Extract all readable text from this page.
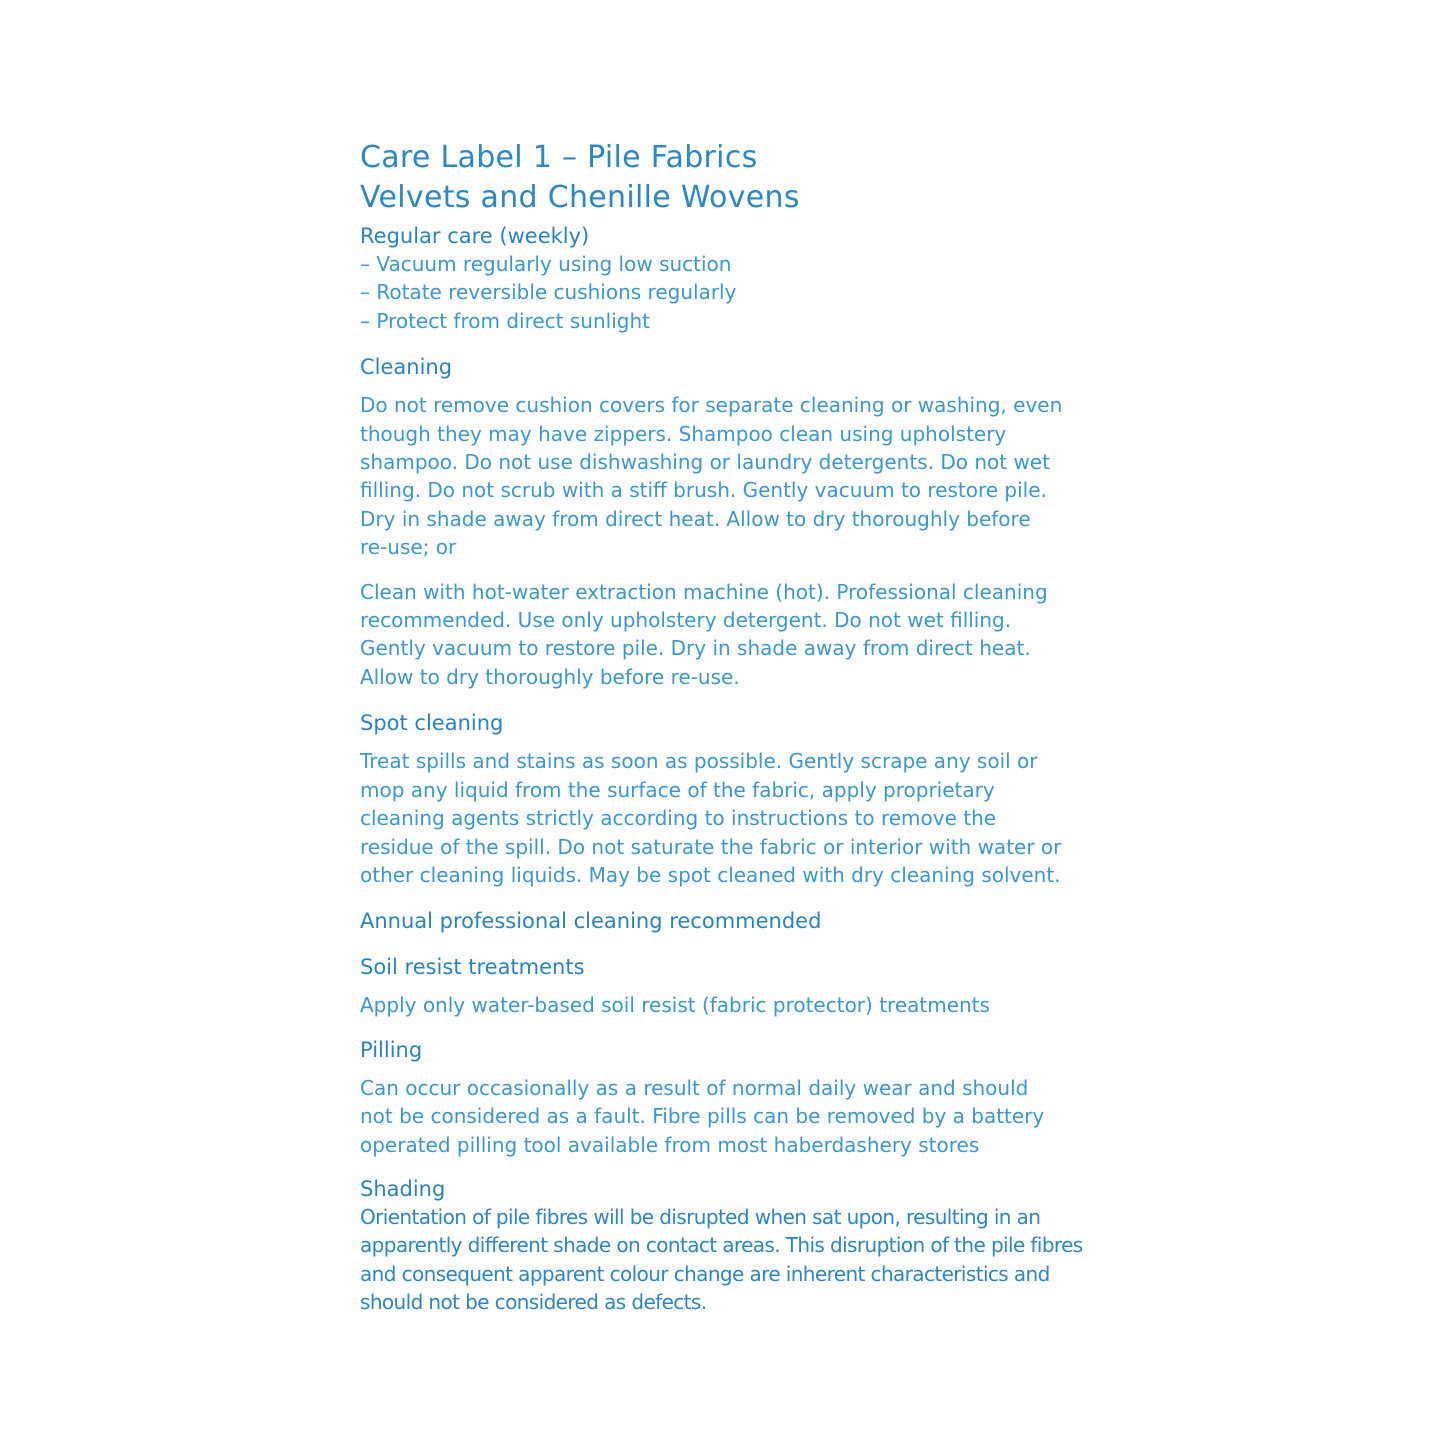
Care Label 1 – Pile Fabrics
Velvets and Chenille Wovens
Regular care (weekly)

– Vacuum regularly using low suction

– Rotate reversible cushions regularly

– Protect from direct sunlight

Cleaning

Do not remove cushion covers for separate cleaning or washing, even
though they may have zippers. Shampoo clean using upholstery
shampoo. Do not use dishwashing or laundry detergents. Do not wet
filling. Do not scrub with a stiff brush. Gently vacuum to restore pile.
Dry in shade away from direct heat. Allow to dry thoroughly before
re-use; or

Clean with hot-water extraction machine (hot). Professional cleaning
recommended. Use only upholstery detergent. Do not wet filling.
Gently vacuum to restore pile. Dry in shade away from direct heat.
Allow to dry thoroughly before re-use.

Spot cleaning

Treat spills and stains as soon as possible. Gently scrape any soil or
mop any liquid from the surface of the fabric, apply proprietary
cleaning agents strictly according to instructions to remove the
residue of the spill. Do not saturate the fabric or interior with water or
other cleaning liquids. May be spot cleaned with dry cleaning solvent.

Annual professional cleaning recommended
Soil resist treatments

Apply only water-based soil resist (fabric protector) treatments

Pilling

Can occur occasionally as a result of normal daily wear and should
not be considered as a fault. Fibre pills can be removed by a battery
operated pilling tool available from most haberdashery stores

Shading

Orientation of pile fibres will be disrupted when sat upon, resulting in an
apparently different shade on contact areas. This disruption of the pile fibres
and consequent apparent colour change are inherent characteristics and
should not be considered as defects.
